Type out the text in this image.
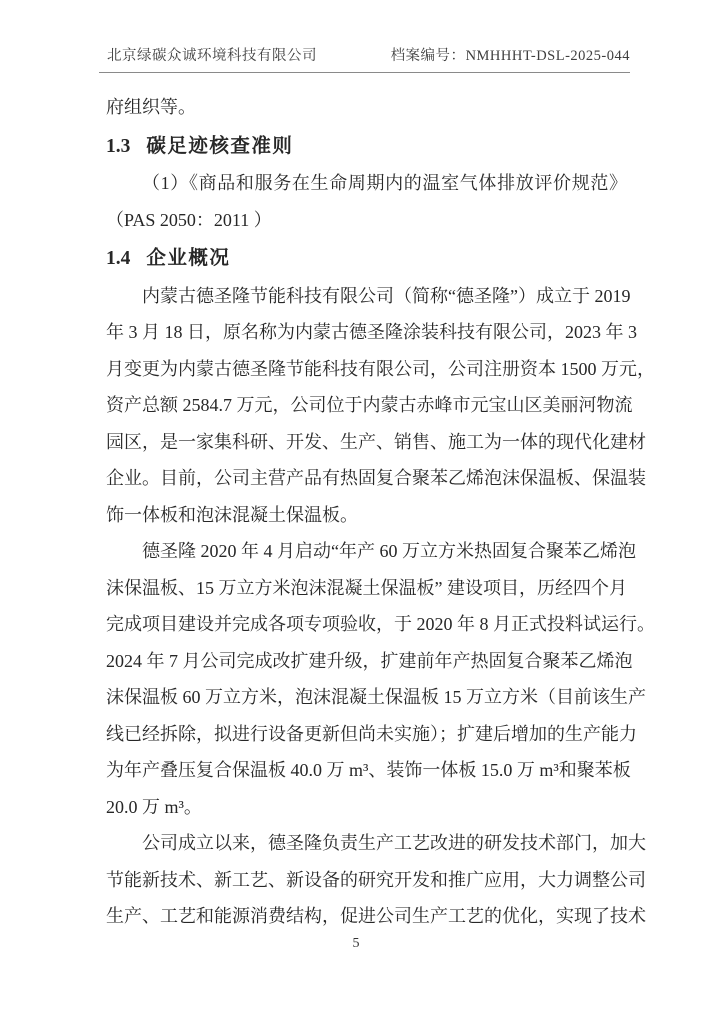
北京绿碳众诚环境科技有限公司	档案编号：NMHHHT-DSL-2025-044
府组织等。
1.3 碳足迹核查准则
（1）《商品和服务在生命周期内的温室气体排放评价规范》
（PAS 2050：2011 ）
1.4 企业概况
内蒙古德圣隆节能科技有限公司（简称“德圣隆”）成立于 2019
年 3 月 18 日，原名称为内蒙古德圣隆涂装科技有限公司，2023 年 3
月变更为内蒙古德圣隆节能科技有限公司，公司注册资本 1500 万元，
资产总额 2584.7 万元，公司位于内蒙古赤峰市元宝山区美丽河物流
园区，是一家集科研、开发、生产、销售、施工为一体的现代化建材
企业。目前，公司主营产品有热固复合聚苯乙烯泡沫保温板、保温装
饰一体板和泡沫混凝土保温板。
德圣隆 2020 年 4 月启动“年产 60 万立方米热固复合聚苯乙烯泡
沫保温板、15 万立方米泡沫混凝土保温板” 建设项目，历经四个月
完成项目建设并完成各项专项验收，于 2020 年 8 月正式投料试运行。
2024 年 7 月公司完成改扩建升级，扩建前年产热固复合聚苯乙烯泡
沫保温板 60 万立方米，泡沫混凝土保温板 15 万立方米（目前该生产
线已经拆除，拟进行设备更新但尚未实施）；扩建后增加的生产能力
为年产叠压复合保温板 40.0 万 m³、装饰一体板 15.0 万 m³和聚苯板
20.0 万 m³。
公司成立以来，德圣隆负责生产工艺改进的研发技术部门，加大
节能新技术、新工艺、新设备的研究开发和推广应用，大力调整公司
生产、工艺和能源消费结构，促进公司生产工艺的优化，实现了技术
5
